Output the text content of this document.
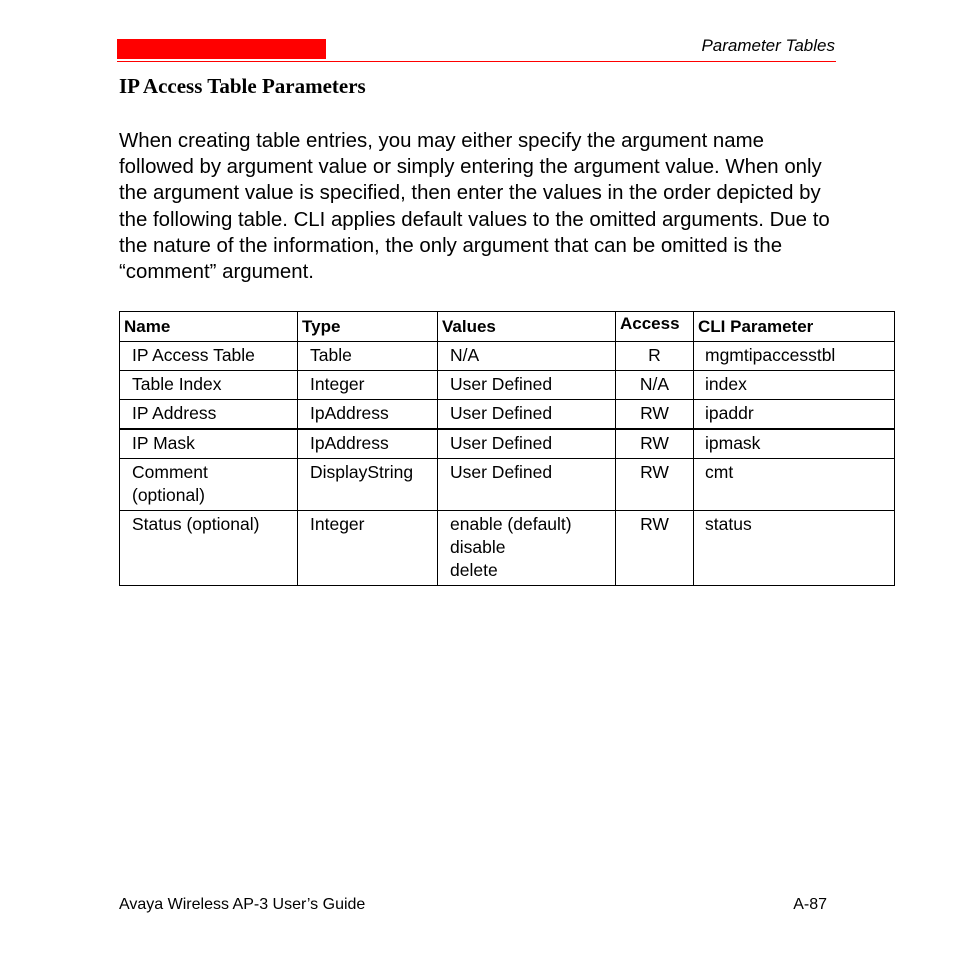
Parameter Tables
IP Access Table Parameters

When creating table entries, you may either specify the argument name followed by argument value or simply entering the argument value. When only the argument value is specified, then enter the values in the order depicted by the following table. CLI applies default values to the omitted arguments. Due to the nature of the information, the only argument that can be omitted is the “comment” argument.

Name	Type	Values	Access	CLI Parameter

IP Access Table	Table	N/A	R	mgmtipaccesstbl

Table Index	Integer	User Defined	N/A	index

IP Address	IpAddress	User Defined	RW	ipaddr

IP Mask	IpAddress	User Defined	RW	ipmask

Comment
(optional)	DisplayString	User Defined	RW	cmt

Status (optional)	Integer	enable (default)
disable
delete	RW	status
Avaya Wireless AP-3 User’s Guide	A-87
